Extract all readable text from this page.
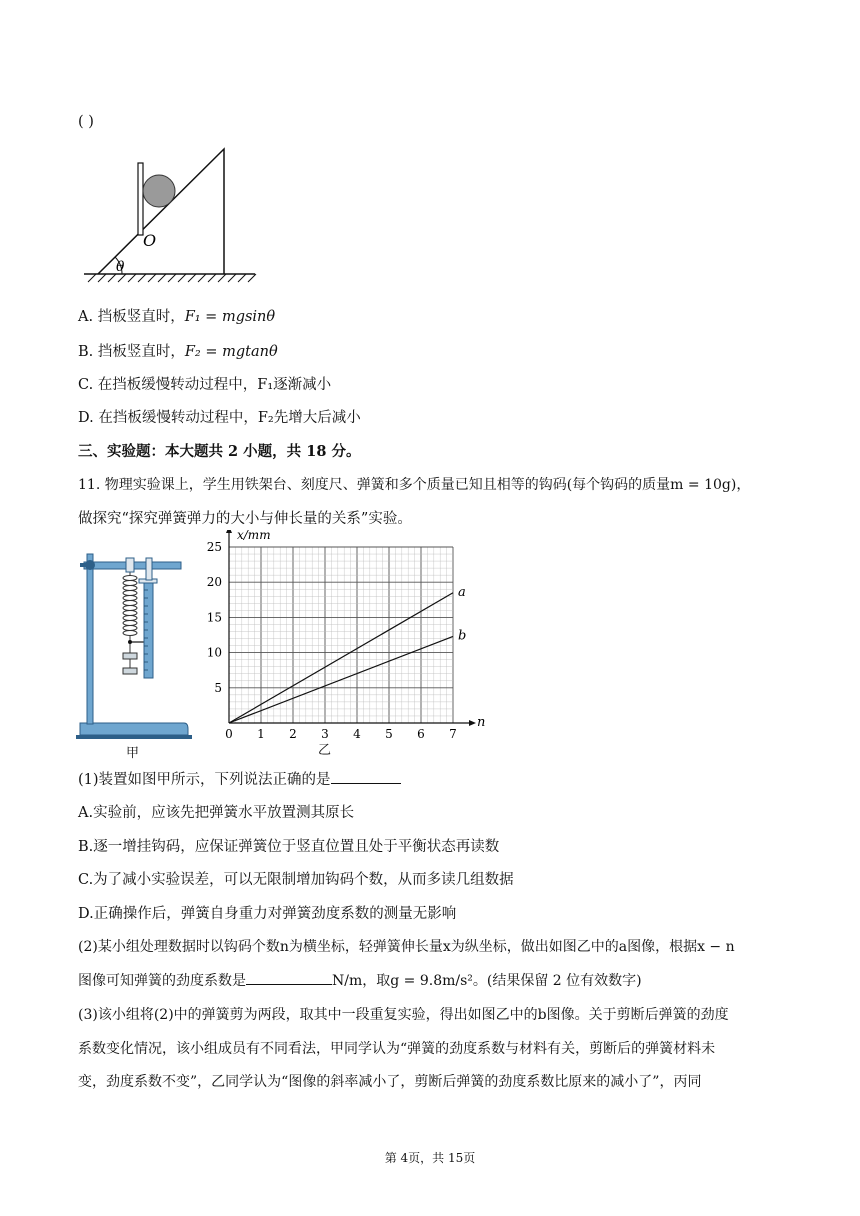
( )
O
θ
A. 挡板竖直时，F₁ = mgsinθ
B. 挡板竖直时，F₂ = mgtanθ
C. 在挡板缓慢转动过程中，F₁逐渐减小
D. 在挡板缓慢转动过程中，F₂先增大后减小
三、实验题：本大题共 2 小题，共 18 分。
11. 物理实验课上，学生用铁架台、刻度尺、弹簧和多个质量已知且相等的钩码(每个钩码的质量m = 10g)，
做探究“探究弹簧弹力的大小与伸长量的关系”实验。
甲
0 1 2 3 4 5 6 7
5
10
15
20
25
n
x/mm
a
b
乙
(1)装置如图甲所示，下列说法正确的是
A.实验前，应该先把弹簧水平放置测其原长
B.逐一增挂钩码，应保证弹簧位于竖直位置且处于平衡状态再读数
C.为了减小实验误差，可以无限制增加钩码个数，从而多读几组数据
D.正确操作后，弹簧自身重力对弹簧劲度系数的测量无影响
(2)某小组处理数据时以钩码个数n为横坐标，轻弹簧伸长量x为纵坐标，做出如图乙中的a图像，根据x − n
图像可知弹簧的劲度系数是	N/m，取g = 9.8m/s²。(结果保留 2 位有效数字)
(3)该小组将(2)中的弹簧剪为两段，取其中一段重复实验，得出如图乙中的b图像。关于剪断后弹簧的劲度
系数变化情况，该小组成员有不同看法，甲同学认为“弹簧的劲度系数与材料有关，剪断后的弹簧材料未
变，劲度系数不变”，乙同学认为“图像的斜率减小了，剪断后弹簧的劲度系数比原来的减小了”，丙同
第 4页，共 15页
